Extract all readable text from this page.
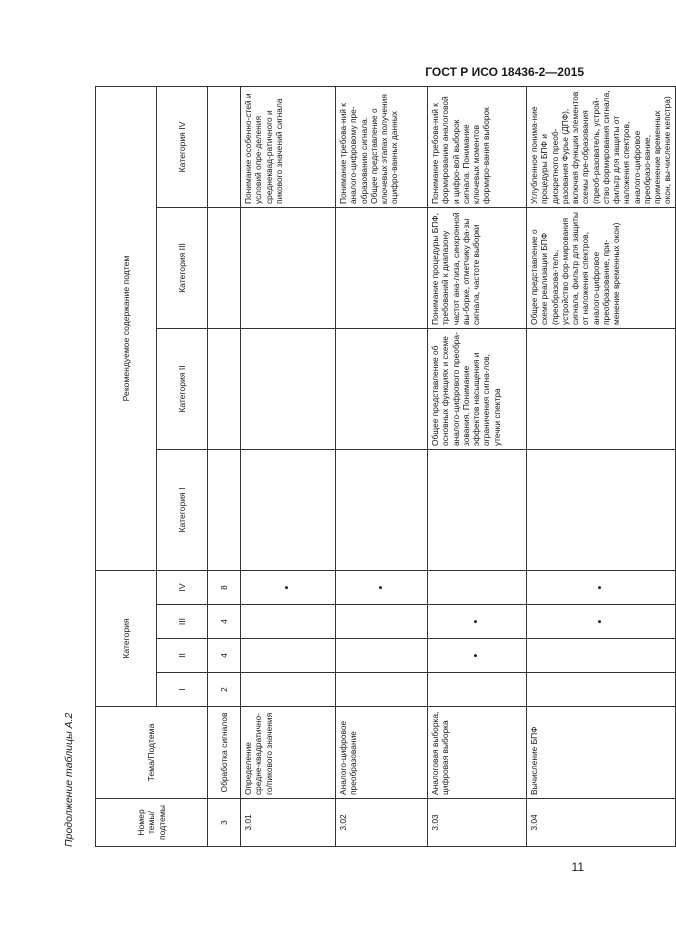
ГОСТ Р ИСО 18436-2—2015
Продолжение таблицы А.2	Номер темы/ подтемы	Тема/Подтема	Категория				Рекомендуемое содержание подтем			
		I	II	III	IV	Категория I	Категория II	Категория III	Категория IV
3	Обработка сигналов	2	4	4	8				
3.01	Определение средне-квадратично-го/пикового значения				•				Понимание особенно-стей и условий опре-деления среднеквад-ратичного и пикового значений сигнала
3.02	Аналого-цифровое преобразование				•				Понимание требова-ний к аналого-цифровому пре-образованию сигнала. Общее представление о ключевых этапах получения оцифро-ванных данных
3.03	Аналоговая выборка, цифровая выборка		•	•			Общее представление об основных функциях и схеме аналого-цифрового преобра-зования. Понимание эффектов насыщения и ограничения сигна-лов, утечки спектра	Понимание процедуры БПФ, требований к диапазону частот ана-лиза, синхронной вы-борке, отметчику фа-зы сигнала, частоте выборки	Понимание требова-ний к формированию аналоговой и цифро-вой выборок сигнала. Понимание ключевых моментов формиро-вания выборок
3.04	Вычисление БПФ			•	•			Общее представление о схеме реализации БПФ (преобразова-тель, устройство фор-мирования сигнала, фильтр для защиты от наложения спектров, аналого-цифровое преобразование, при-менение временных окон)	Углубленное понима-ние процедуры БПФ и дискретного преоб-разования Фурье (ДПФ), включая функции элементов схемы пре-образования (преоб-разователь, устрой-ство формирования сигнала, фильтр для защиты от наложения спектров, аналого-цифровое преобразо-вание, применение временных окон, вы-числение кепстра)
11
